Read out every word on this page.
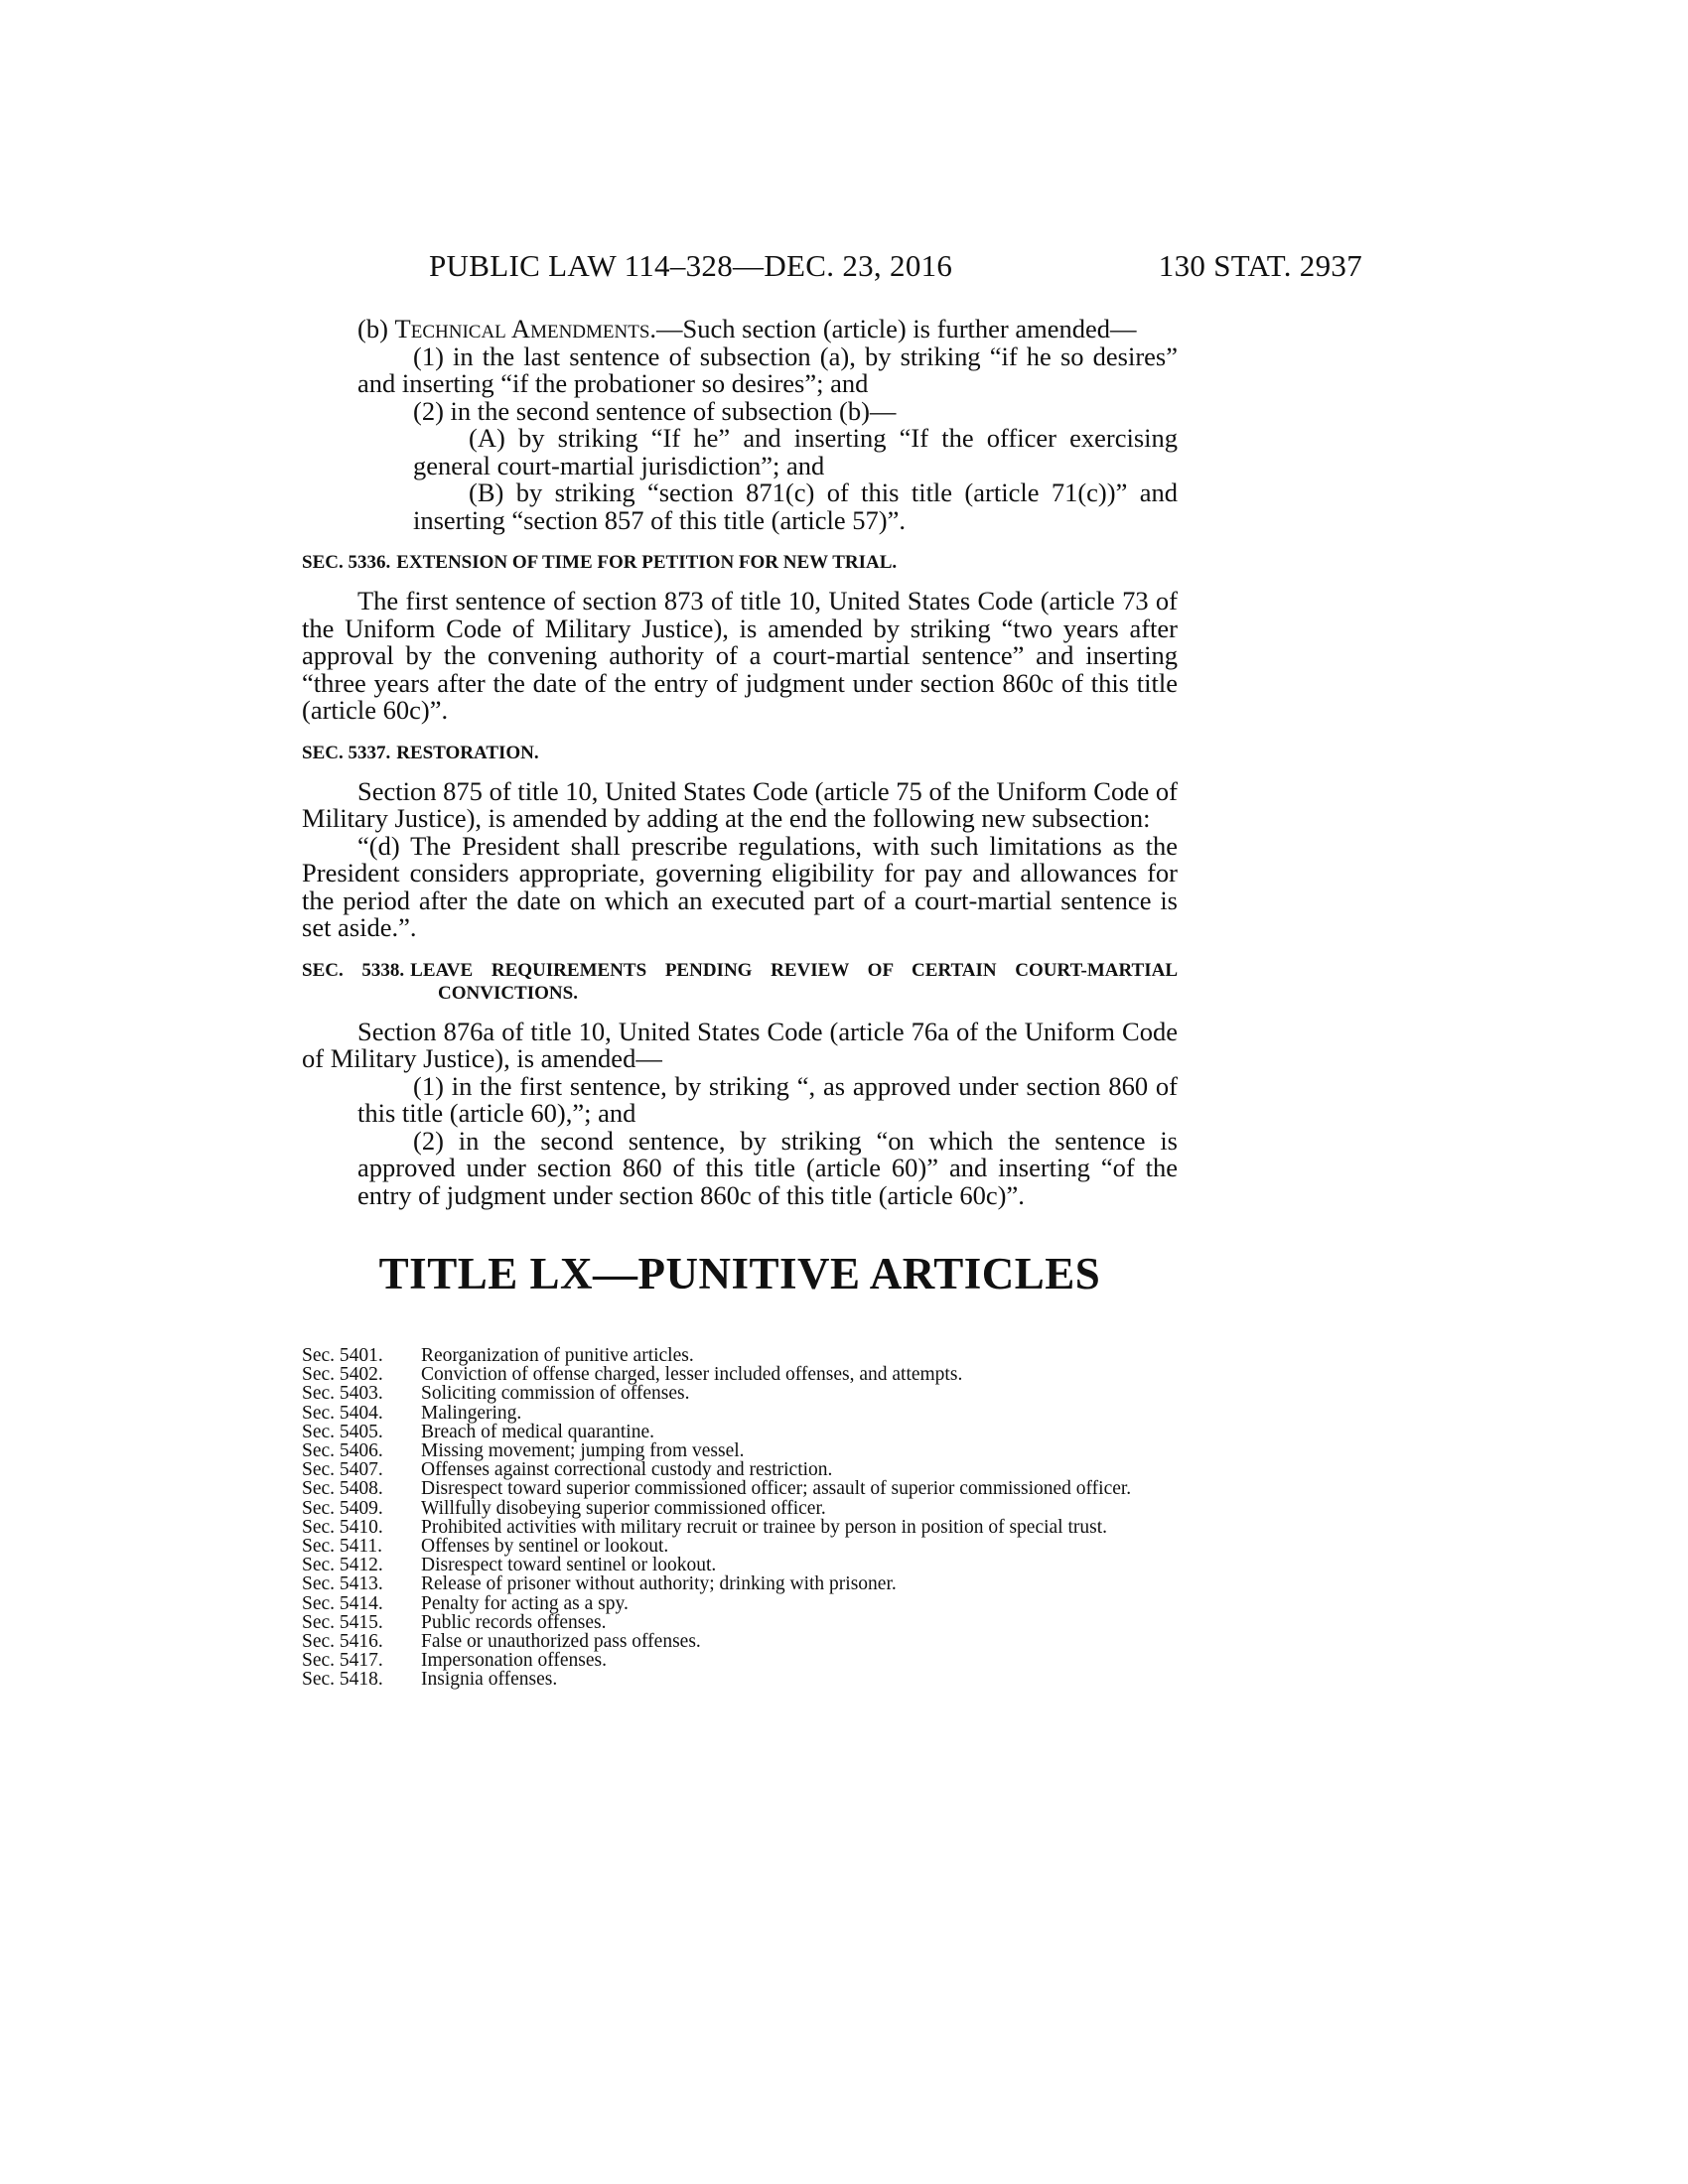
PUBLIC LAW 114–328—DEC. 23, 2016	130 STAT. 2937

(b) Technical Amendments.—Such section (article) is further amended—

(1) in the last sentence of subsection (a), by striking “if he so desires” and inserting “if the probationer so desires”; and

(2) in the second sentence of subsection (b)—

(A) by striking “If he” and inserting “If the officer exercising general court-martial jurisdiction”; and

(B) by striking “section 871(c) of this title (article 71(c))” and inserting “section 857 of this title (article 57)”.

SEC. 5336. EXTENSION OF TIME FOR PETITION FOR NEW TRIAL.

The first sentence of section 873 of title 10, United States Code (article 73 of the Uniform Code of Military Justice), is amended by striking “two years after approval by the convening authority of a court-martial sentence” and inserting “three years after the date of the entry of judgment under section 860c of this title (article 60c)”.

SEC. 5337. RESTORATION.

Section 875 of title 10, United States Code (article 75 of the Uniform Code of Military Justice), is amended by adding at the end the following new subsection:

“(d) The President shall prescribe regulations, with such limitations as the President considers appropriate, governing eligibility for pay and allowances for the period after the date on which an executed part of a court-martial sentence is set aside.”.

SEC. 5338. LEAVE REQUIREMENTS PENDING REVIEW OF CERTAIN COURT-MARTIAL CONVICTIONS.

Section 876a of title 10, United States Code (article 76a of the Uniform Code of Military Justice), is amended—

(1) in the first sentence, by striking “, as approved under section 860 of this title (article 60),”; and

(2) in the second sentence, by striking “on which the sentence is approved under section 860 of this title (article 60)” and inserting “of the entry of judgment under section 860c of this title (article 60c)”.

TITLE LX—PUNITIVE ARTICLES
Sec. 5401.	Reorganization of punitive articles.
Sec. 5402.	Conviction of offense charged, lesser included offenses, and attempts.
Sec. 5403.	Soliciting commission of offenses.
Sec. 5404.	Malingering.
Sec. 5405.	Breach of medical quarantine.
Sec. 5406.	Missing movement; jumping from vessel.
Sec. 5407.	Offenses against correctional custody and restriction.
Sec. 5408.	Disrespect toward superior commissioned officer; assault of superior commissioned officer.
Sec. 5409.	Willfully disobeying superior commissioned officer.
Sec. 5410.	Prohibited activities with military recruit or trainee by person in position of special trust.
Sec. 5411.	Offenses by sentinel or lookout.
Sec. 5412.	Disrespect toward sentinel or lookout.
Sec. 5413.	Release of prisoner without authority; drinking with prisoner.
Sec. 5414.	Penalty for acting as a spy.
Sec. 5415.	Public records offenses.
Sec. 5416.	False or unauthorized pass offenses.
Sec. 5417.	Impersonation offenses.
Sec. 5418.	Insignia offenses.
